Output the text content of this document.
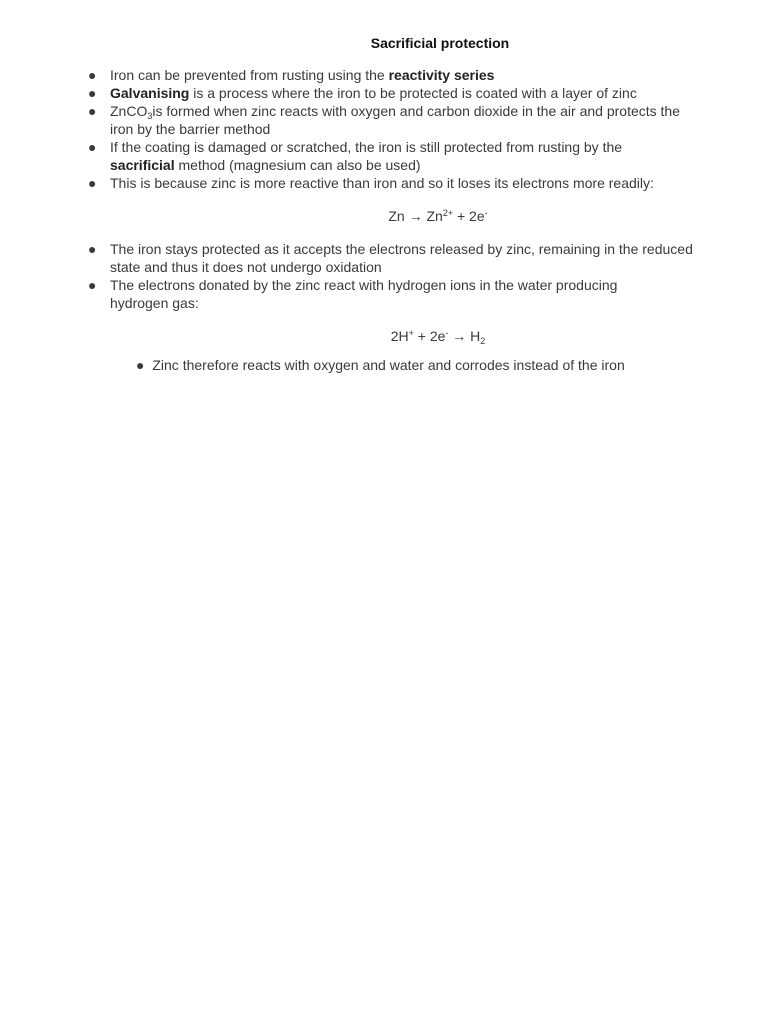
Sacrificial protection
● Iron can be prevented from rusting using the reactivity series
● Galvanising is a process where the iron to be protected is coated with a layer of zinc
● ZnCO$_3$is formed when zinc reacts with oxygen and carbon dioxide in the air and protects the
iron by the barrier method
● If the coating is damaged or scratched, the iron is still protected from rusting by the
sacrificial method (magnesium can also be used)
● This is because zinc is more reactive than iron and so it loses its electrons more readily:
$Zn \to Zn^{2+} + 2e^-$
● The iron stays protected as it accepts the electrons released by zinc, remaining in the reduced
state and thus it does not undergo oxidation
● The electrons donated by the zinc react with hydrogen ions in the water producing
hydrogen gas:
$2H^+ + 2e^- \to H_2$
● Zinc therefore reacts with oxygen and water and corrodes instead of the iron
